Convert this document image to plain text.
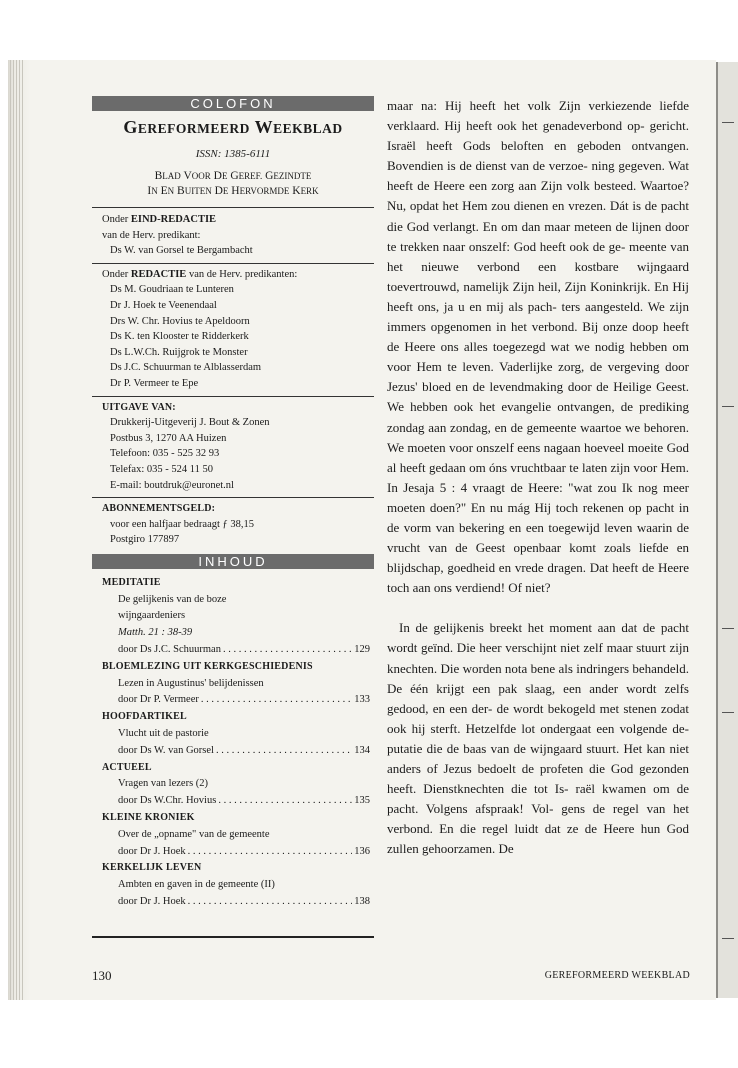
COLOFON
GEREFORMEERD WEEKBLAD
ISSN: 1385-6111
BLAD VOOR DE GEREF. GEZINDTE
IN EN BUITEN DE HERVORMDE KERK
Onder EIND-REDACTIE
van de Herv. predikant:
Ds W. van Gorsel te Bergambacht
Onder REDACTIE van de Herv. predikanten:
Ds M. Goudriaan te Lunteren
Dr J. Hoek te Veenendaal
Drs W. Chr. Hovius te Apeldoorn
Ds K. ten Klooster te Ridderkerk
Ds L.W.Ch. Ruijgrok te Monster
Ds J.C. Schuurman te Alblasserdam
Dr P. Vermeer te Epe
UITGAVE VAN:
Drukkerij-Uitgeverij J. Bout & Zonen
Postbus 3, 1270 AA Huizen
Telefoon: 035 - 525 32 93
Telefax: 035 - 524 11 50
E-mail: boutdruk@euronet.nl
ABONNEMENTSGELD:
voor een halfjaar bedraagt ƒ 38,15
Postgiro 177897
INHOUD
MEDITATIE
De gelijkenis van de boze
wijngaardeniers
Matth. 21 : 38-39
door Ds J.C. Schuurman . . .	129
BLOEMLEZING UIT KERKGESCHIEDENIS
Lezen in Augustinus' belijdenissen
door Dr P. Vermeer . . .	133
HOOFDARTIKEL
Vlucht uit de pastorie
door Ds W. van Gorsel . . .	134
ACTUEEL
Vragen van lezers (2)
door Ds W.Chr. Hovius . . .	135
KLEINE KRONIEK
Over de „opname" van de gemeente
door Dr J. Hoek . . .	136
KERKELIJK LEVEN
Ambten en gaven in de gemeente (II)
door Dr J. Hoek . . .	138

maar na: Hij heeft het volk Zijn verkiezende liefde verklaard. Hij heeft ook het genadeverbond op- gericht. Israël heeft Gods beloften en geboden ontvangen. Bovendien is de dienst van de verzoe- ning gegeven. Wat heeft de Heere een zorg aan Zijn volk besteed. Waartoe? Nu, opdat het Hem zou dienen en vrezen. Dát is de pacht die God verlangt. En om dan maar meteen de lijnen door te trekken naar onszelf: God heeft ook de ge- meente van het nieuwe verbond een kostbare wijngaard toevertrouwd, namelijk Zijn heil, Zijn Koninkrijk. En Hij heeft ons, ja u en mij als pach- ters aangesteld. We zijn immers opgenomen in het verbond. Bij onze doop heeft de Heere ons alles toegezegd wat we nodig hebben om voor Hem te leven. Vaderlijke zorg, de vergeving door Jezus' bloed en de levendmaking door de Heilige Geest. We hebben ook het evangelie ontvangen, de prediking zondag aan zondag, en de gemeente waartoe we behoren. We moeten voor onszelf eens nagaan hoeveel moeite God al heeft gedaan om óns vruchtbaar te laten zijn voor Hem. In Jesaja 5 : 4 vraagt de Heere: "wat zou Ik nog meer moeten doen?" En nu mág Hij toch rekenen op pacht in de vorm van bekering en een toegewijd leven waarin de vrucht van de Geest openbaar komt zoals liefde en blijdschap, goedheid en vrede dragen. Dat heeft de Heere toch aan ons verdiend! Of niet?

In de gelijkenis breekt het moment aan dat de pacht wordt geïnd. Die heer verschijnt niet zelf maar stuurt zijn knechten. Die worden nota bene als indringers behandeld. De één krijgt een pak slaag, een ander wordt zelfs gedood, en een der- de wordt bekogeld met stenen zodat ook hij sterft. Hetzelfde lot ondergaat een volgende de- putatie die de baas van de wijngaard stuurt. Het kan niet anders of Jezus bedoelt de profeten die God gezonden heeft. Dienstknechten die tot Is- raël kwamen om de pacht. Volgens afspraak! Vol- gens de regel van het verbond. En die regel luidt dat ze de Heere hun God zullen gehoorzamen. De

130	GEREFORMEERD WEEKBLAD
